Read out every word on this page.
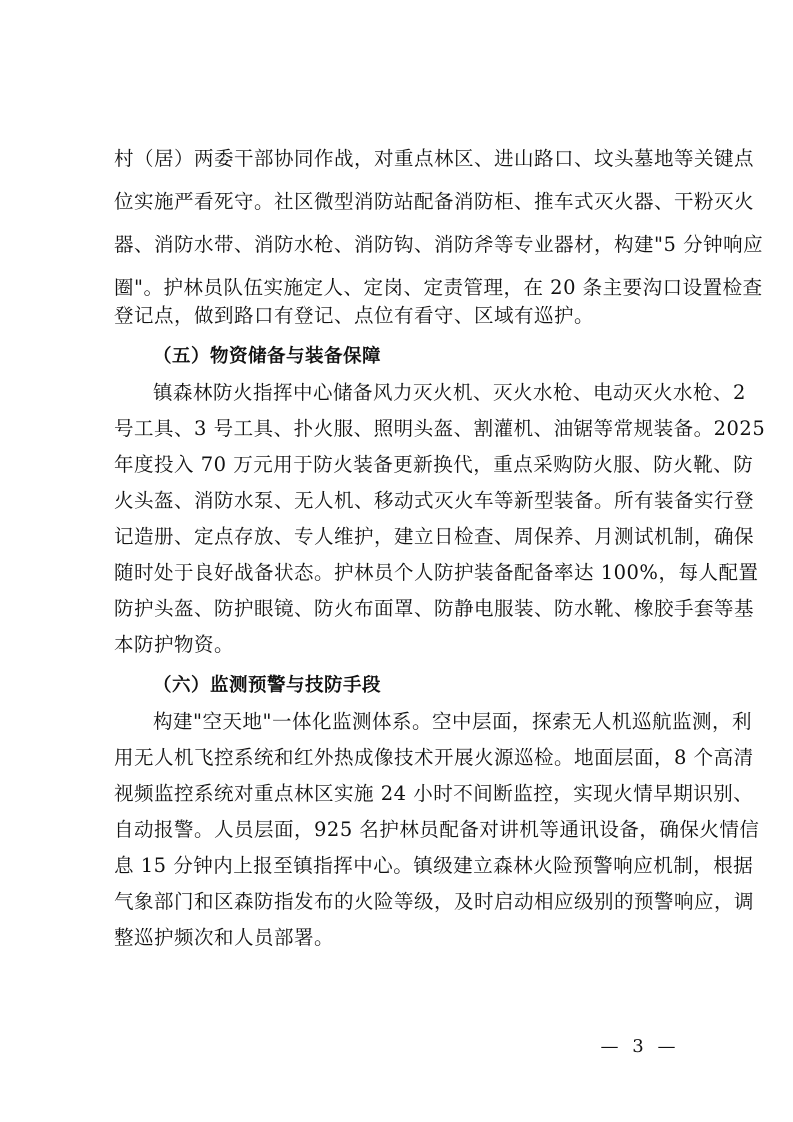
村（居）两委干部协同作战，对重点林区、进山路口、坟头墓地等关键点
位实施严看死守。社区微型消防站配备消防柜、推车式灭火器、干粉灭火
器、消防水带、消防水枪、消防钩、消防斧等专业器材，构建"5 分钟响应
圈"。护林员队伍实施定人、定岗、定责管理，在 20 条主要沟口设置检查
登记点，做到路口有登记、点位有看守、区域有巡护。
（五）物资储备与装备保障
镇森林防火指挥中心储备风力灭火机、灭火水枪、电动灭火水枪、2
号工具、3 号工具、扑火服、照明头盔、割灌机、油锯等常规装备。2025
年度投入 70 万元用于防火装备更新换代，重点采购防火服、防火靴、防
火头盔、消防水泵、无人机、移动式灭火车等新型装备。所有装备实行登
记造册、定点存放、专人维护，建立日检查、周保养、月测试机制，确保
随时处于良好战备状态。护林员个人防护装备配备率达 100%，每人配置
防护头盔、防护眼镜、防火布面罩、防静电服装、防水靴、橡胶手套等基
本防护物资。
（六）监测预警与技防手段
构建"空天地"一体化监测体系。空中层面，探索无人机巡航监测，利
用无人机飞控系统和红外热成像技术开展火源巡检。地面层面，8 个高清
视频监控系统对重点林区实施 24 小时不间断监控，实现火情早期识别、
自动报警。人员层面，925 名护林员配备对讲机等通讯设备，确保火情信
息 15 分钟内上报至镇指挥中心。镇级建立森林火险预警响应机制，根据
气象部门和区森防指发布的火险等级，及时启动相应级别的预警响应，调
整巡护频次和人员部署。
— 3 —
